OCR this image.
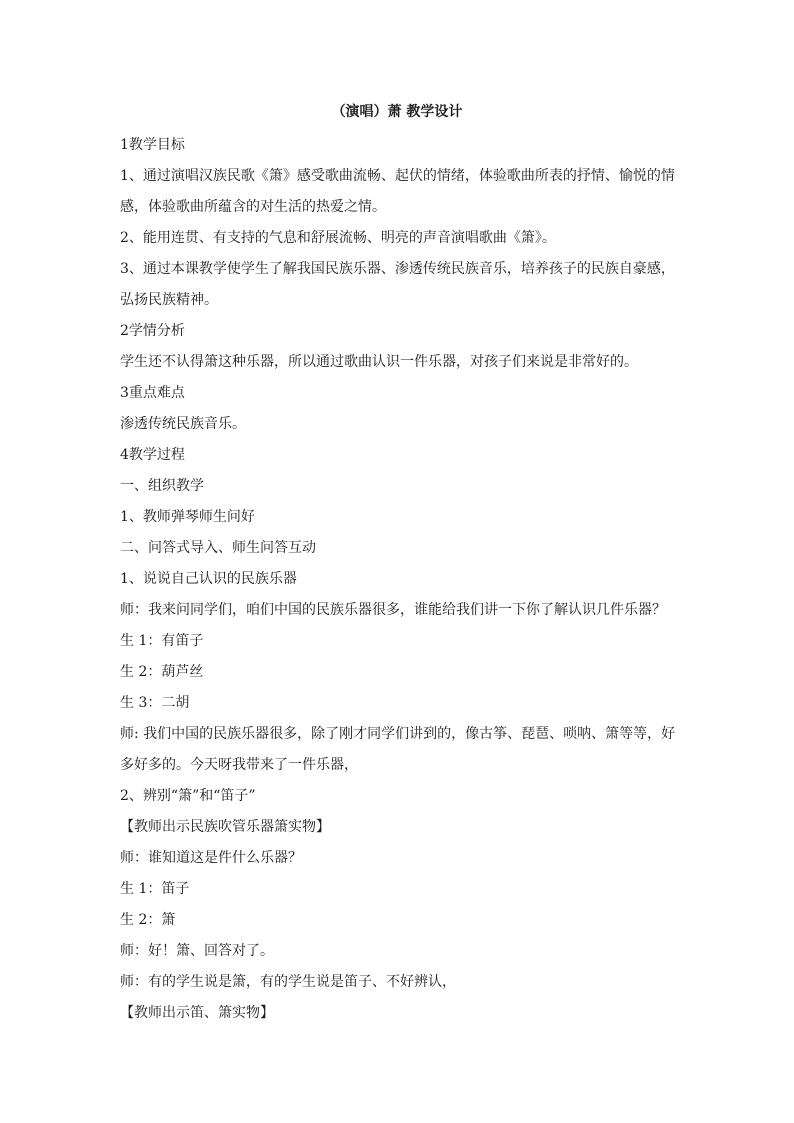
（演唱）萧 教学设计

1教学目标

1、通过演唱汉族民歌《箫》感受歌曲流畅、起伏的情绪，体验歌曲所表的抒情、愉悦的情

感，体验歌曲所蕴含的对生活的热爱之情。

2、能用连贯、有支持的气息和舒展流畅、明亮的声音演唱歌曲《箫》。

3、通过本课教学使学生了解我国民族乐器、渗透传统民族音乐，培养孩子的民族自豪感，

弘扬民族精神。

2学情分析

学生还不认得箫这种乐器，所以通过歌曲认识一件乐器，对孩子们来说是非常好的。

3重点难点

渗透传统民族音乐。

4教学过程

一、组织教学

1、教师弹琴师生问好

二、问答式导入、师生问答互动

1、说说自己认识的民族乐器

师：我来问同学们，咱们中国的民族乐器很多，谁能给我们讲一下你了解认识几件乐器？

生 1：有笛子

生 2：葫芦丝

生 3：二胡

师: 我们中国的民族乐器很多，除了刚才同学们讲到的，像古筝、琵琶、唢呐、箫等等，好

多好多的。今天呀我带来了一件乐器，

2、辨别“箫”和“笛子”

【教师出示民族吹管乐器箫实物】

师：谁知道这是件什么乐器？

生 1：笛子

生 2：箫

师：好！箫、回答对了。

师：有的学生说是箫，有的学生说是笛子、不好辨认，

【教师出示笛、箫实物】
